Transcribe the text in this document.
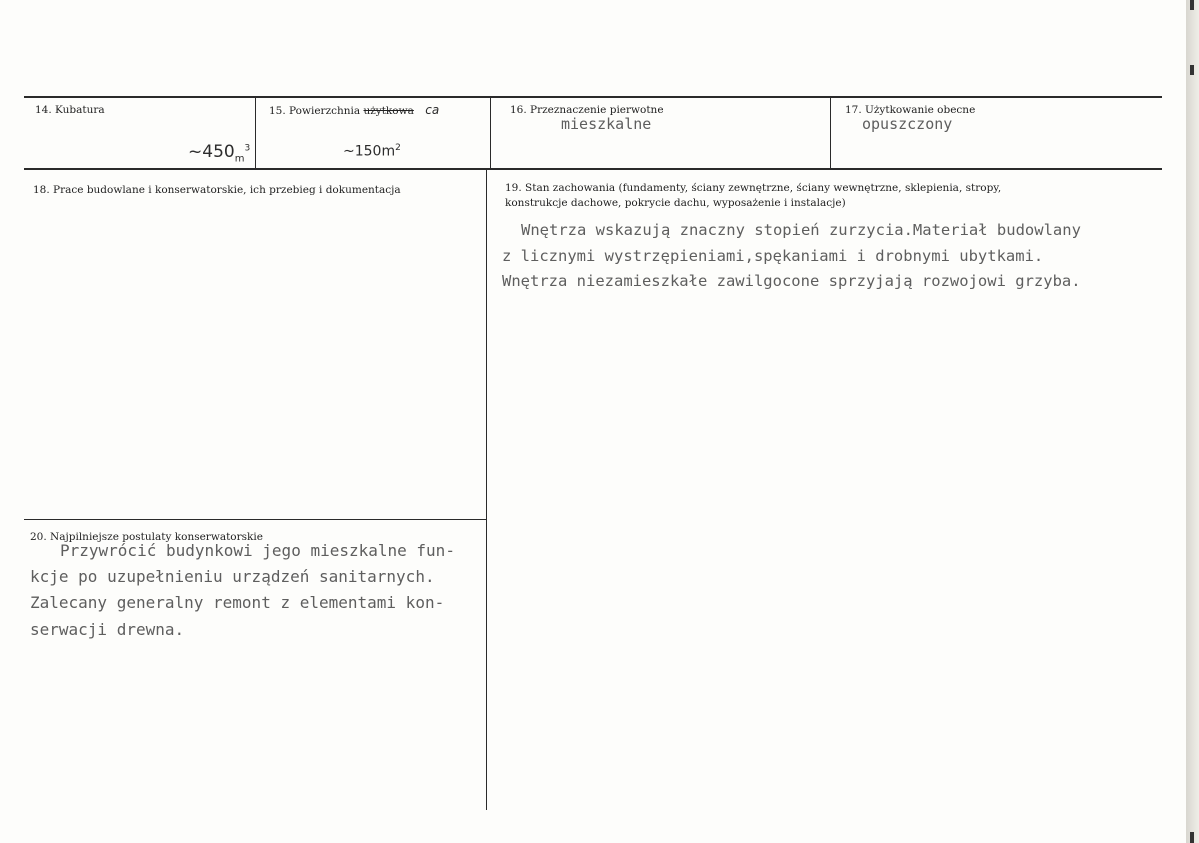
14. Kubatura
$\sim 450_m^3$
15. Powierzchnia użytkowa ca
$\sim 150m^2$
16. Przeznaczenie pierwotne
mieszkalne
17. Użytkowanie obecne
opuszczony
18. Prace budowlane i konserwatorskie, ich przebieg i dokumentacja	19. Stan zachowania (fundamenty, ściany zewnętrzne, ściany wewnętrzne, sklepienia, stropy,
konstrukcje dachowe, pokrycie dachu, wyposażenie i instalacje)
Wnętrza wskazują znaczny stopień zurzycia.Materiał budowlany
z licznymi wystrzępieniami,spękaniami i drobnymi ubytkami.
Wnętrza niezamieszkałe zawilgocone sprzyjają rozwojowi grzyba.
20. Najpilniejsze postulaty konserwatorskie
Przywrócić budynkowi jego mieszkalne fun-
kcje po uzupełnieniu urządzeń sanitarnych.
Zalecany generalny remont z elementami kon-
serwacji drewna.
